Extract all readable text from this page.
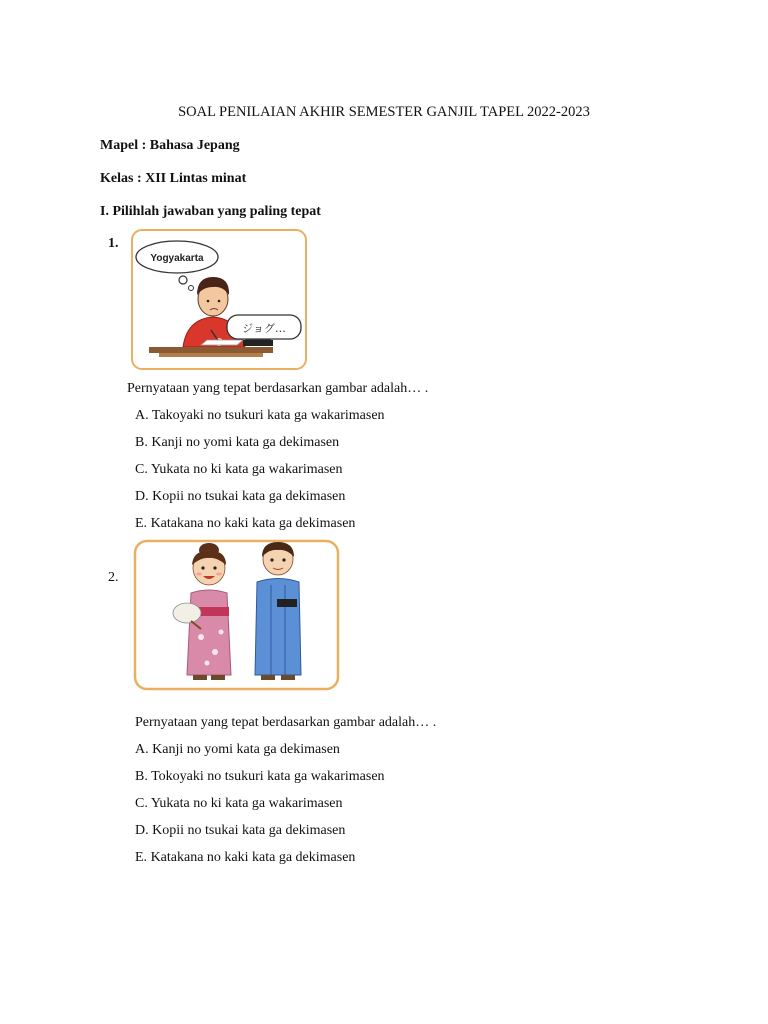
SOAL PENILAIAN AKHIR SEMESTER GANJIL TAPEL 2022-2023
Mapel : Bahasa Jepang
Kelas : XII Lintas minat
I. Pilihlah jawaban yang paling tepat
1.
Yogyakarta
ジョグ…
Pernyataan yang tepat berdasarkan gambar adalah… .
A. Takoyaki no tsukuri kata ga wakarimasen
B. Kanji no yomi kata ga dekimasen
C. Yukata no ki kata ga wakarimasen
D. Kopii no tsukai kata ga dekimasen
E. Katakana no kaki kata ga dekimasen
2.
Pernyataan yang tepat berdasarkan gambar adalah… .
A. Kanji no yomi kata ga dekimasen
B. Tokoyaki no tsukuri kata ga wakarimasen
C. Yukata no ki kata ga wakarimasen
D. Kopii no tsukai kata ga dekimasen
E. Katakana no kaki kata ga dekimasen
